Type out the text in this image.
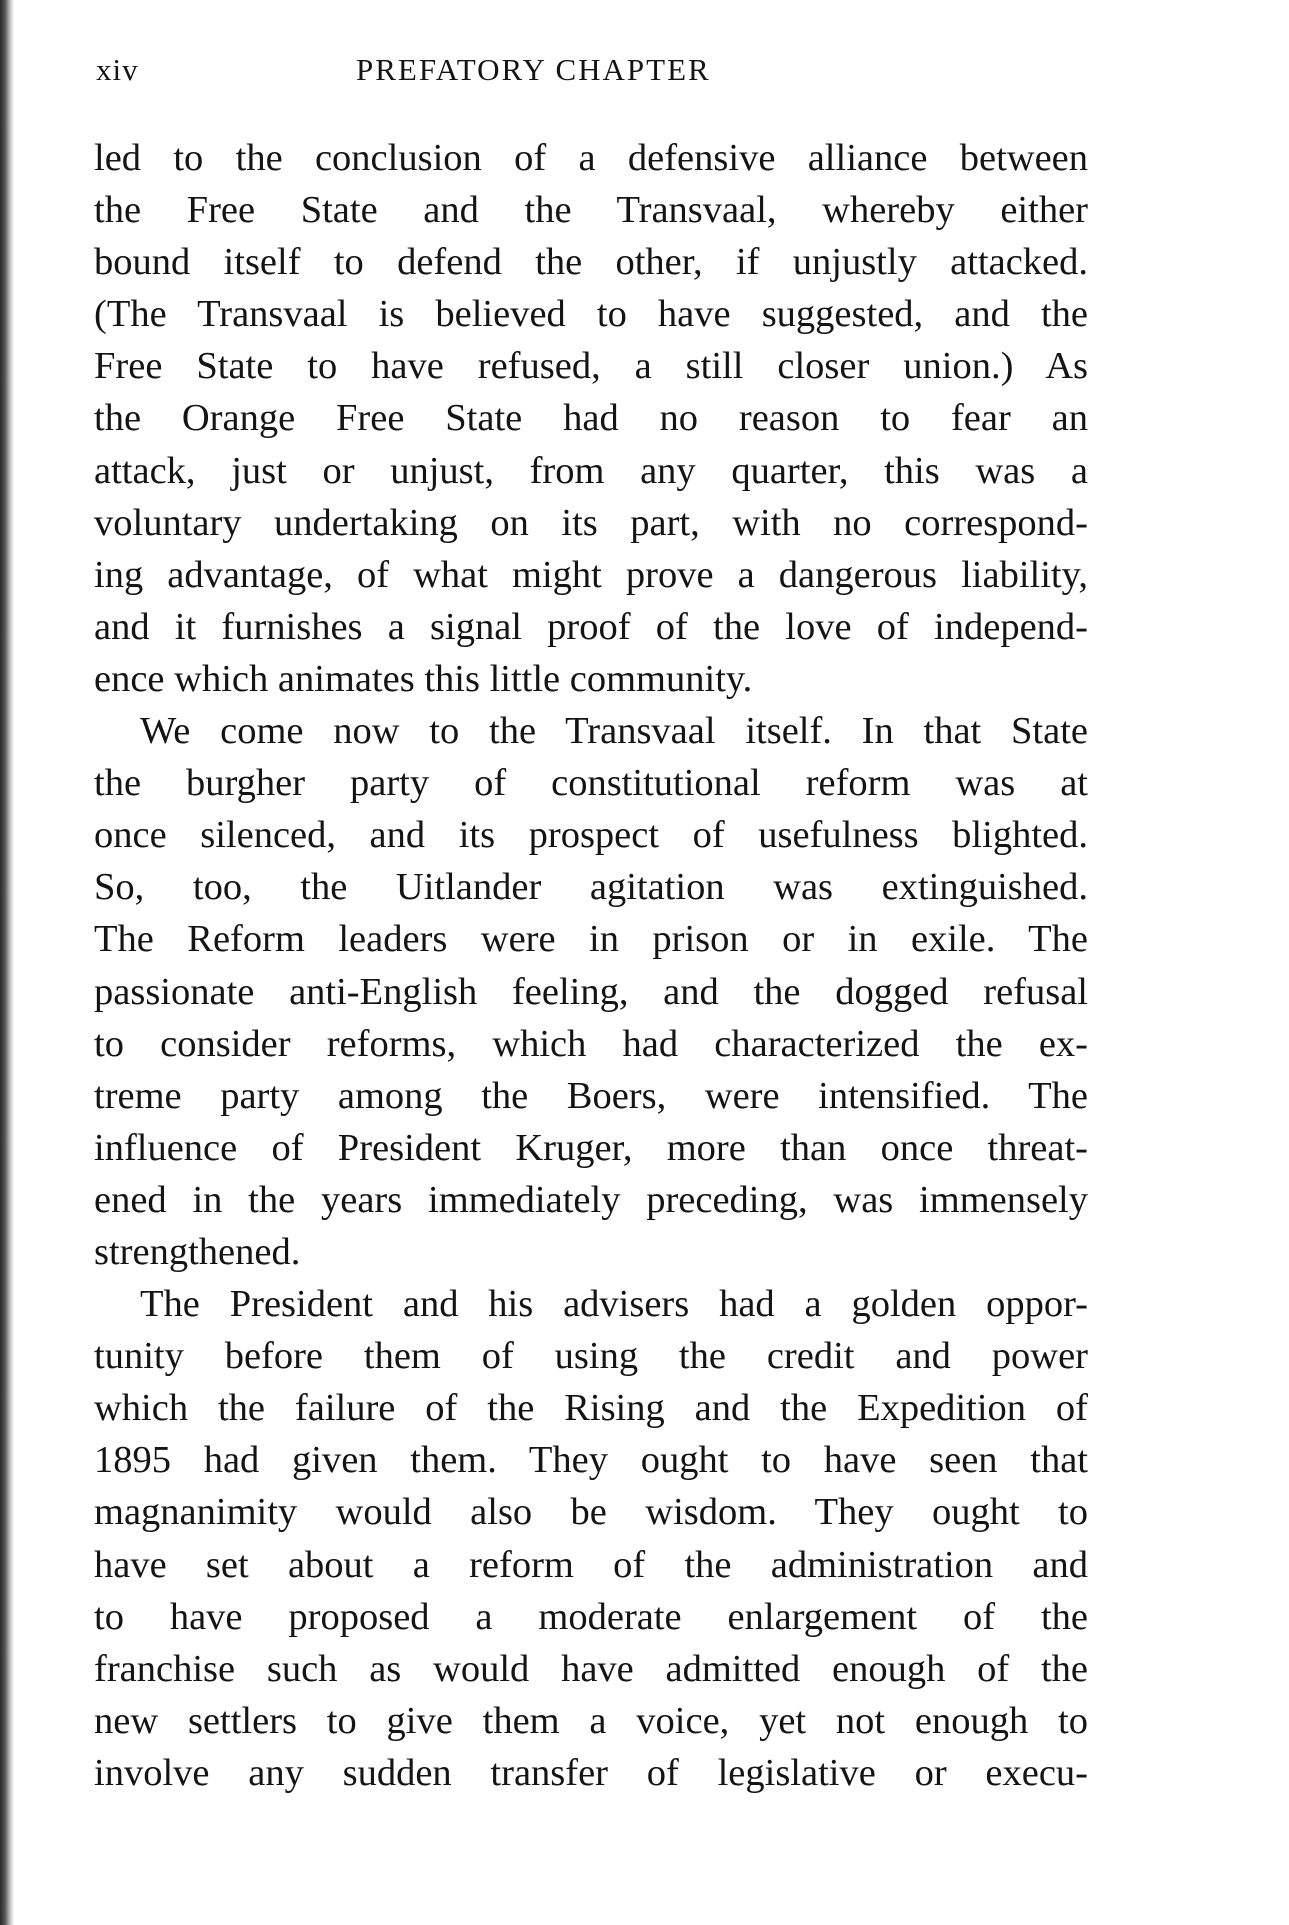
xiv	PREFATORY CHAPTER

led to the conclusion of a defensive alliance between
the Free State and the Transvaal, whereby either
bound itself to defend the other, if unjustly attacked.
(The Transvaal is believed to have suggested, and the
Free State to have refused, a still closer union.) As
the Orange Free State had no reason to fear an
attack, just or unjust, from any quarter, this was a
voluntary undertaking on its part, with no correspond-
ing advantage, of what might prove a dangerous liability,
and it furnishes a signal proof of the love of independ-
ence which animates this little community.

We come now to the Transvaal itself. In that State
the burgher party of constitutional reform was at
once silenced, and its prospect of usefulness blighted.
So, too, the Uitlander agitation was extinguished.
The Reform leaders were in prison or in exile. The
passionate anti-English feeling, and the dogged refusal
to consider reforms, which had characterized the ex-
treme party among the Boers, were intensified. The
influence of President Kruger, more than once threat-
ened in the years immediately preceding, was immensely
strengthened.

The President and his advisers had a golden oppor-
tunity before them of using the credit and power
which the failure of the Rising and the Expedition of
1895 had given them. They ought to have seen that
magnanimity would also be wisdom. They ought to
have set about a reform of the administration and
to have proposed a moderate enlargement of the
franchise such as would have admitted enough of the
new settlers to give them a voice, yet not enough to
involve any sudden transfer of legislative or execu-
